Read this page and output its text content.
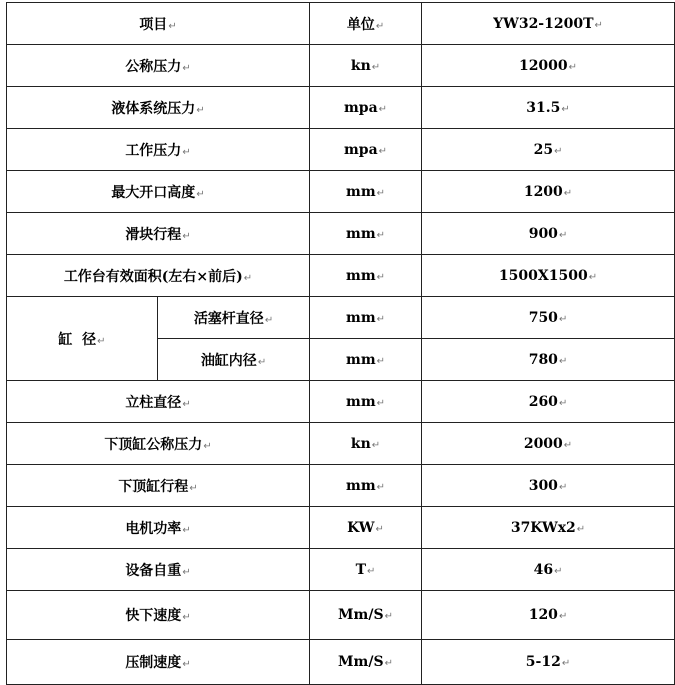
项目↵		单位↵	YW32-1200T↵
公称压力↵		kn↵	12000↵
液体系统压力↵		mpa↵	31.5↵
工作压力↵		mpa↵	25↵
最大开口高度↵		mm↵	1200↵
滑块行程↵		mm↵	900↵
工作台有效面积(左右×前后)↵		mm↵	1500X1500↵
缸  径↵	活塞杆直径↵	mm↵	750↵
	油缸内径↵	mm↵	780↵
立柱直径↵		mm↵	260↵
下顶缸公称压力↵		kn↵	2000↵
下顶缸行程↵		mm↵	300↵
电机功率↵		KW↵	37KWx2↵
设备自重↵		T↵	46↵
快下速度↵		Mm/S↵	120↵
压制速度↵		Mm/S↵	5-12↵
